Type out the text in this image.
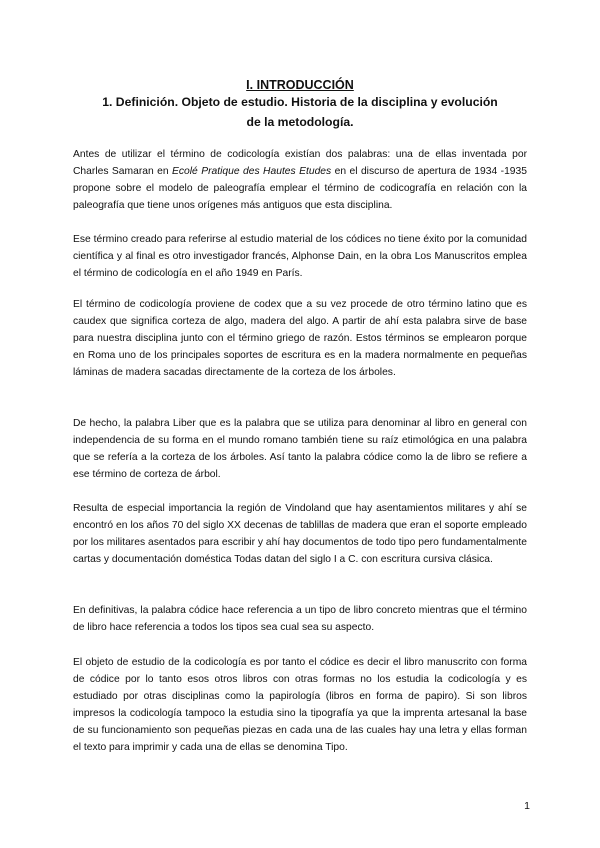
I. INTRODUCCIÓN
1. Definición. Objeto de estudio. Historia de la disciplina y evolución de la metodología.

Antes de utilizar el término de codicología existían dos palabras: una de ellas inventada por Charles Samaran en Ecolé Pratique des Hautes Etudes en el discurso de apertura de 1934 -1935 propone sobre el modelo de paleografía emplear el término de codicografía en relación con la paleografía que tiene unos orígenes más antiguos que esta disciplina.

Ese término creado para referirse al estudio material de los códices no tiene éxito por la comunidad científica y al final es otro investigador francés, Alphonse Dain, en la obra Los Manuscritos emplea el término de codicología en el año 1949 en París.

El término de codicología proviene de codex que a su vez procede de otro término latino que es caudex que significa corteza de algo, madera del algo. A partir de ahí esta palabra sirve de base para nuestra disciplina junto con el término griego de razón. Estos términos se emplearon porque en Roma uno de los principales soportes de escritura es en la madera normalmente en pequeñas láminas de madera sacadas directamente de la corteza de los árboles.

De hecho, la palabra Liber que es la palabra que se utiliza para denominar al libro en general con independencia de su forma en el mundo romano también tiene su raíz etimológica en una palabra que se refería a la corteza de los árboles. Así tanto la palabra códice como la de libro se refiere a ese término de corteza de árbol.

Resulta de especial importancia la región de Vindoland que hay asentamientos militares y ahí se encontró en los años 70 del siglo XX decenas de tablillas de madera que eran el soporte empleado por los militares asentados para escribir y ahí hay documentos de todo tipo pero fundamentalmente cartas y documentación doméstica Todas datan del siglo I a C. con escritura cursiva clásica.

En definitivas, la palabra códice hace referencia a un tipo de libro concreto mientras que el término de libro hace referencia a todos los tipos sea cual sea su aspecto.

El objeto de estudio de la codicología es por tanto el códice es decir el libro manuscrito con forma de códice por lo tanto esos otros libros con otras formas no los estudia la codicología y es estudiado por otras disciplinas como la papirología (libros en forma de papiro). Si son libros impresos la codicología tampoco la estudia sino la tipografía ya que la imprenta artesanal la base de su funcionamiento son pequeñas piezas en cada una de las cuales hay una letra y ellas forman el texto para imprimir y cada una de ellas se denomina Tipo.

1
